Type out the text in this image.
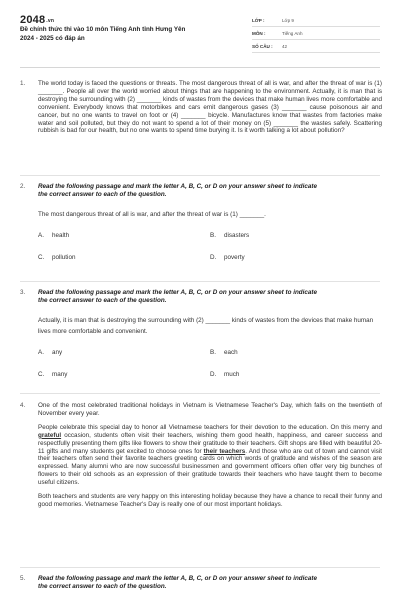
2048.vn
Đề chính thức thi vào 10 môn Tiếng Anh tỉnh Hưng Yên
2024 - 2025 có đáp án
LỚP :	Lớp 9
MÔN :	Tiếng Anh
SỐ CÂU :	42
1.	The world today is faced the questions or threats. The most dangerous threat of all is war, and after the threat of war is (1) _______. People all over the world worried about things that are happening to the environment. Actually, it is man that is destroying the surrounding with (2) _______ kinds of wastes from the devices that make human lives more comfortable and convenient. Everybody knows that motorbikes and cars emit dangerous gases (3) _______ cause poisonous air and cancer, but no one wants to travel on foot or (4) _______ bicycle. Manufactures know that wastes from factories make water and soil polluted, but they do not want to spend a lot of their money on (5) _______ the wastes safely. Scattering rubbish is bad for our health, but no one wants to spend time burying it. Is it worth talking a lot about pollution?

2.	Read the following passage and mark the letter A, B, C, or D on your answer sheet to indicate
the correct answer to each of the question.

The most dangerous threat of all is war, and after the threat of war is (1) _______.

A. health	B. disasters
C. pollution	D. poverty
3.	Read the following passage and mark the letter A, B, C, or D on your answer sheet to indicate
the correct answer to each of the question.

Actually, it is man that is destroying the surrounding with (2) _______ kinds of wastes from the devices that make human lives more comfortable and convenient.

A. any	B. each
C. many	D. much
4.	One of the most celebrated traditional holidays in Vietnam is Vietnamese Teacher's Day, which falls on the twentieth of November every year.

People celebrate this special day to honor all Vietnamese teachers for their devotion to the education. On this merry and grateful occasion, students often visit their teachers, wishing them good health, happiness, and career success and respectfully presenting them gifts like flowers to show their gratitude to their teachers. Gift shops are filled with beautiful 20-11 gifts and many students get excited to choose ones for their teachers. And those who are out of town and cannot visit their teachers often send their favorite teachers greeting cards on which words of gratitude and wishes of the season are expressed. Many alumni who are now successful businessmen and government officers often offer very big bunches of flowers to their old schools as an expression of their gratitude towards their teachers who have taught them to become useful citizens.

Both teachers and students are very happy on this interesting holiday because they have a chance to recall their funny and good memories. Vietnamese Teacher's Day is really one of our most important holidays.

5.	Read the following passage and mark the letter A, B, C, or D on your answer sheet to indicate
the correct answer to each of the question.
